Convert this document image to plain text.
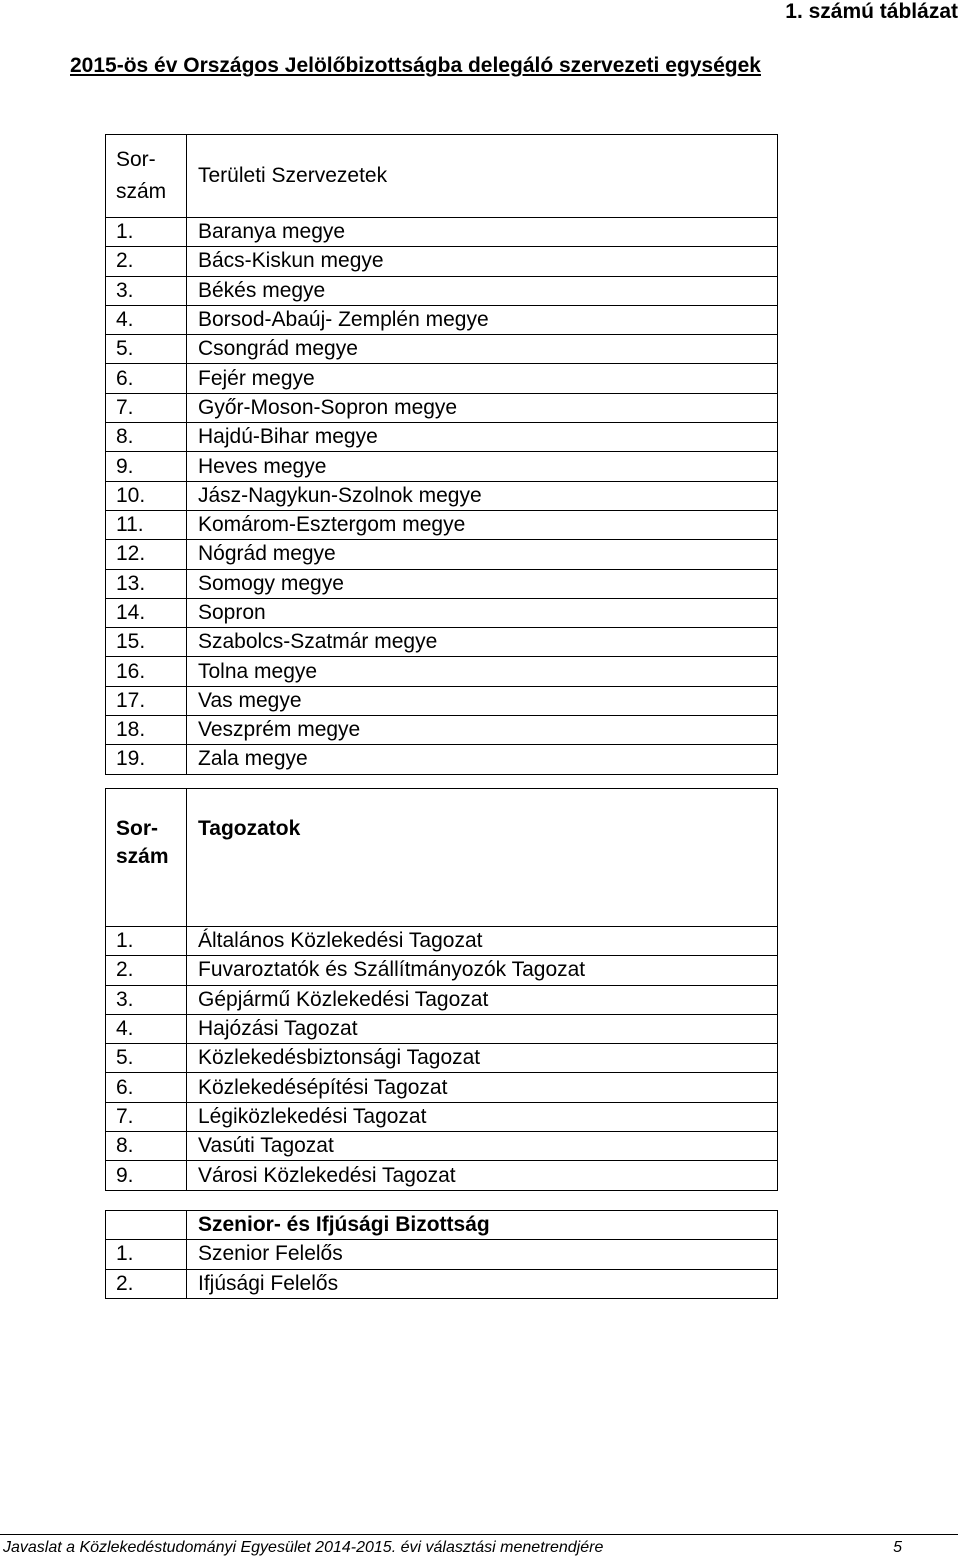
1. számú táblázat
2015-ös év Országos Jelölőbizottságba delegáló szervezeti egységek
Sor-
szám	Területi Szervezetek
1.	Baranya megye
2.	Bács-Kiskun megye
3.	Békés megye
4.	Borsod-Abaúj- Zemplén megye
5.	Csongrád megye
6.	Fejér megye
7.	Győr-Moson-Sopron megye
8.	Hajdú-Bihar megye
9.	Heves megye
10.	Jász-Nagykun-Szolnok megye
11.	Komárom-Esztergom megye
12.	Nógrád megye
13.	Somogy megye
14.	Sopron
15.	Szabolcs-Szatmár megye
16.	Tolna megye
17.	Vas megye
18.	Veszprém megye
19.	Zala megye
Sor-
szám	Tagozatok
1.	Általános Közlekedési Tagozat
2.	Fuvaroztatók és Szállítmányozók Tagozat
3.	Gépjármű Közlekedési Tagozat
4.	Hajózási Tagozat
5.	Közlekedésbiztonsági Tagozat
6.	Közlekedésépítési Tagozat
7.	Légiközlekedési Tagozat
8.	Vasúti Tagozat
9.	Városi Közlekedési Tagozat
	Szenior- és Ifjúsági Bizottság
1.	Szenior Felelős
2.	Ifjúsági Felelős
Javaslat a Közlekedéstudományi Egyesület 2014-2015. évi választási menetrendjére	5
